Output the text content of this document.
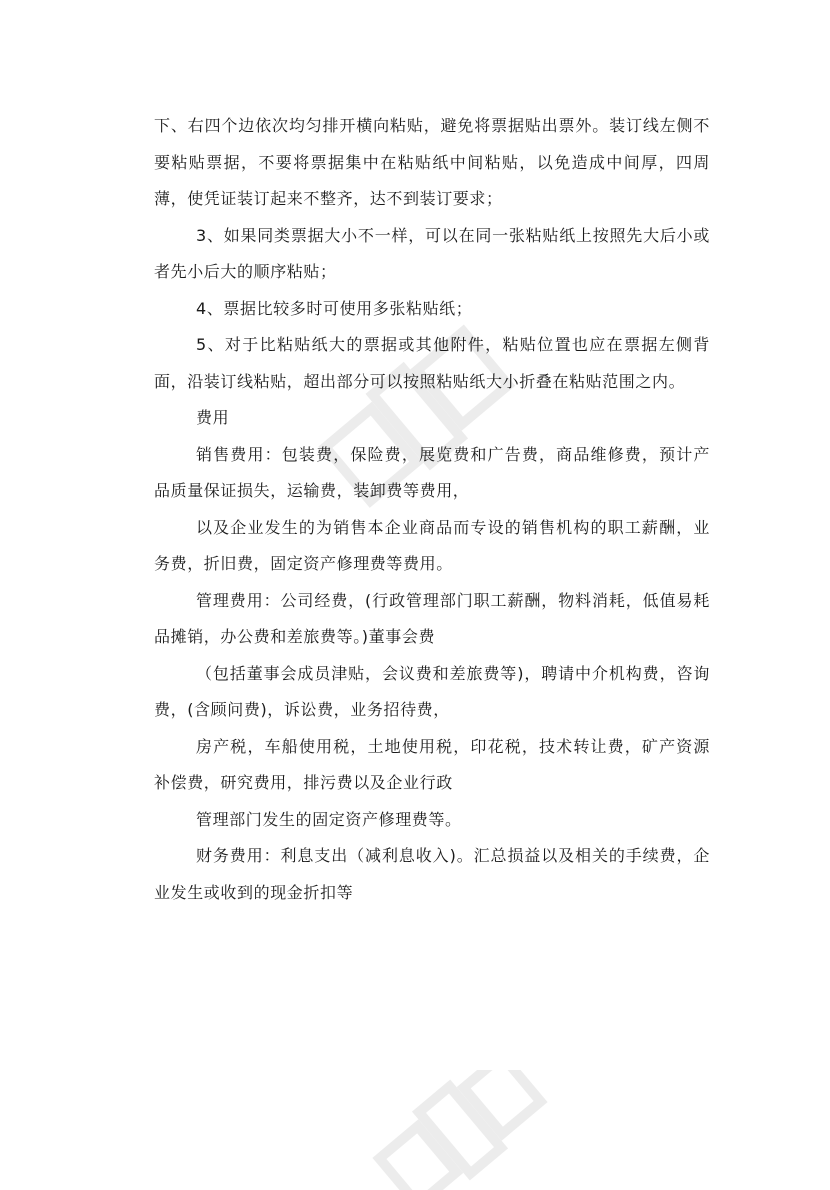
下、右四个边依次均匀排开横向粘贴，避免将票据贴出票外。装订线左侧不要粘贴票据，不要将票据集中在粘贴纸中间粘贴，以免造成中间厚，四周薄，使凭证装订起来不整齐，达不到装订要求；

3、如果同类票据大小不一样，可以在同一张粘贴纸上按照先大后小或者先小后大的顺序粘贴；

4、票据比较多时可使用多张粘贴纸；

5、对于比粘贴纸大的票据或其他附件，粘贴位置也应在票据左侧背面，沿装订线粘贴，超出部分可以按照粘贴纸大小折叠在粘贴范围之内。

费用

销售费用：包装费，保险费，展览费和广告费，商品维修费，预计产品质量保证损失，运输费，装卸费等费用，

以及企业发生的为销售本企业商品而专设的销售机构的职工薪酬，业务费，折旧费，固定资产修理费等费用。

管理费用：公司经费，(行政管理部门职工薪酬，物料消耗，低值易耗品摊销，办公费和差旅费等。)董事会费

（包括董事会成员津贴，会议费和差旅费等)，聘请中介机构费，咨询费，(含顾问费)，诉讼费，业务招待费，

房产税，车船使用税，土地使用税，印花税，技术转让费，矿产资源补偿费，研究费用，排污费以及企业行政

管理部门发生的固定资产修理费等。

财务费用：利息支出（减利息收入)。汇总损益以及相关的手续费，企业发生或收到的现金折扣等
